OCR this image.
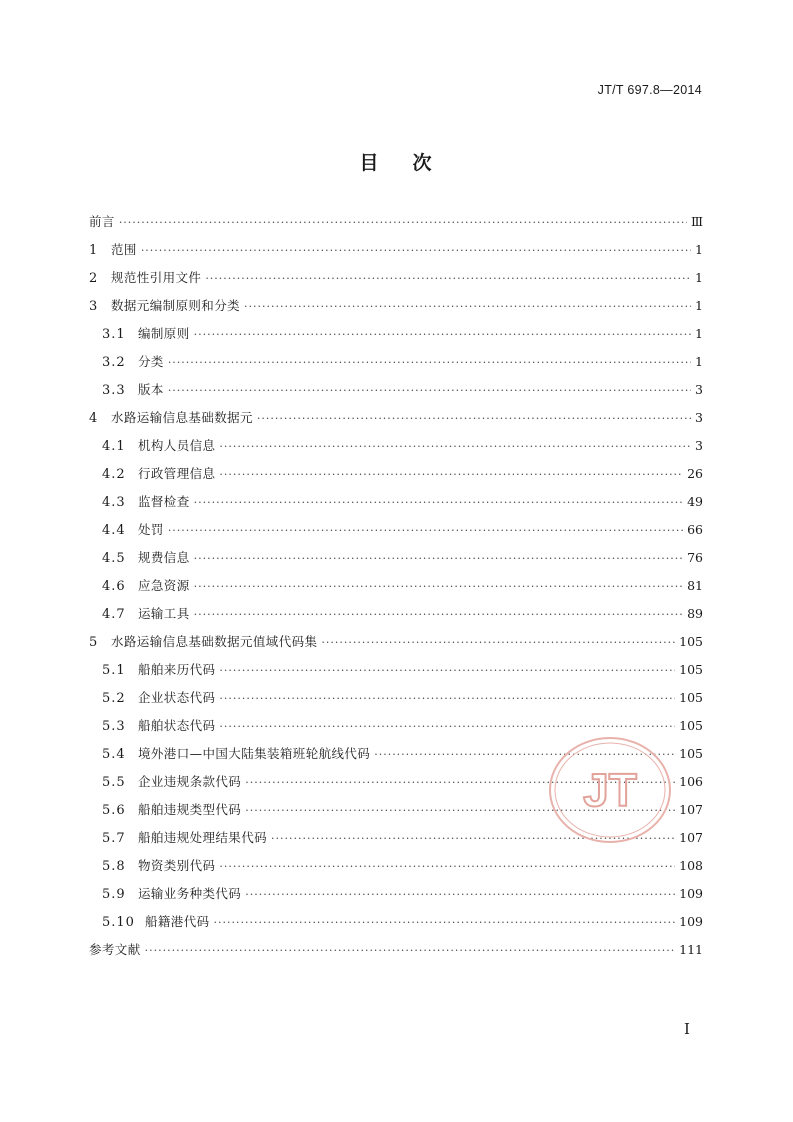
JT/T 697.8—2014
目 次
前言 ·····	Ⅲ
1	范围 ·····	1
2	规范性引用文件 ·····	1
3	数据元编制原则和分类 ·····	1
3.1 编制原则 ·····	1
3.2 分类 ·····	1
3.3 版本 ·····	3
4	水路运输信息基础数据元 ·····	3
4.1 机构人员信息 ·····	3
4.2 行政管理信息 ·····	26
4.3 监督检查 ·····	49
4.4 处罚 ·····	66
4.5 规费信息 ·····	76
4.6 应急资源 ·····	81
4.7 运输工具 ·····	89
5	水路运输信息基础数据元值域代码集 ·····	105
5.1 船舶来历代码 ·····	105
5.2 企业状态代码 ·····	105
5.3 船舶状态代码 ·····	105
5.4 境外港口—中国大陆集装箱班轮航线代码 ·····	105
5.5 企业违规条款代码 ·····	106
5.6 船舶违规类型代码 ·····	107
5.7 船舶违规处理结果代码 ·····	107
5.8 物资类别代码 ·····	108
5.9 运输业务种类代码 ·····	109
5.10 船籍港代码 ·····	109
参考文献 ·····	111
JT
I
